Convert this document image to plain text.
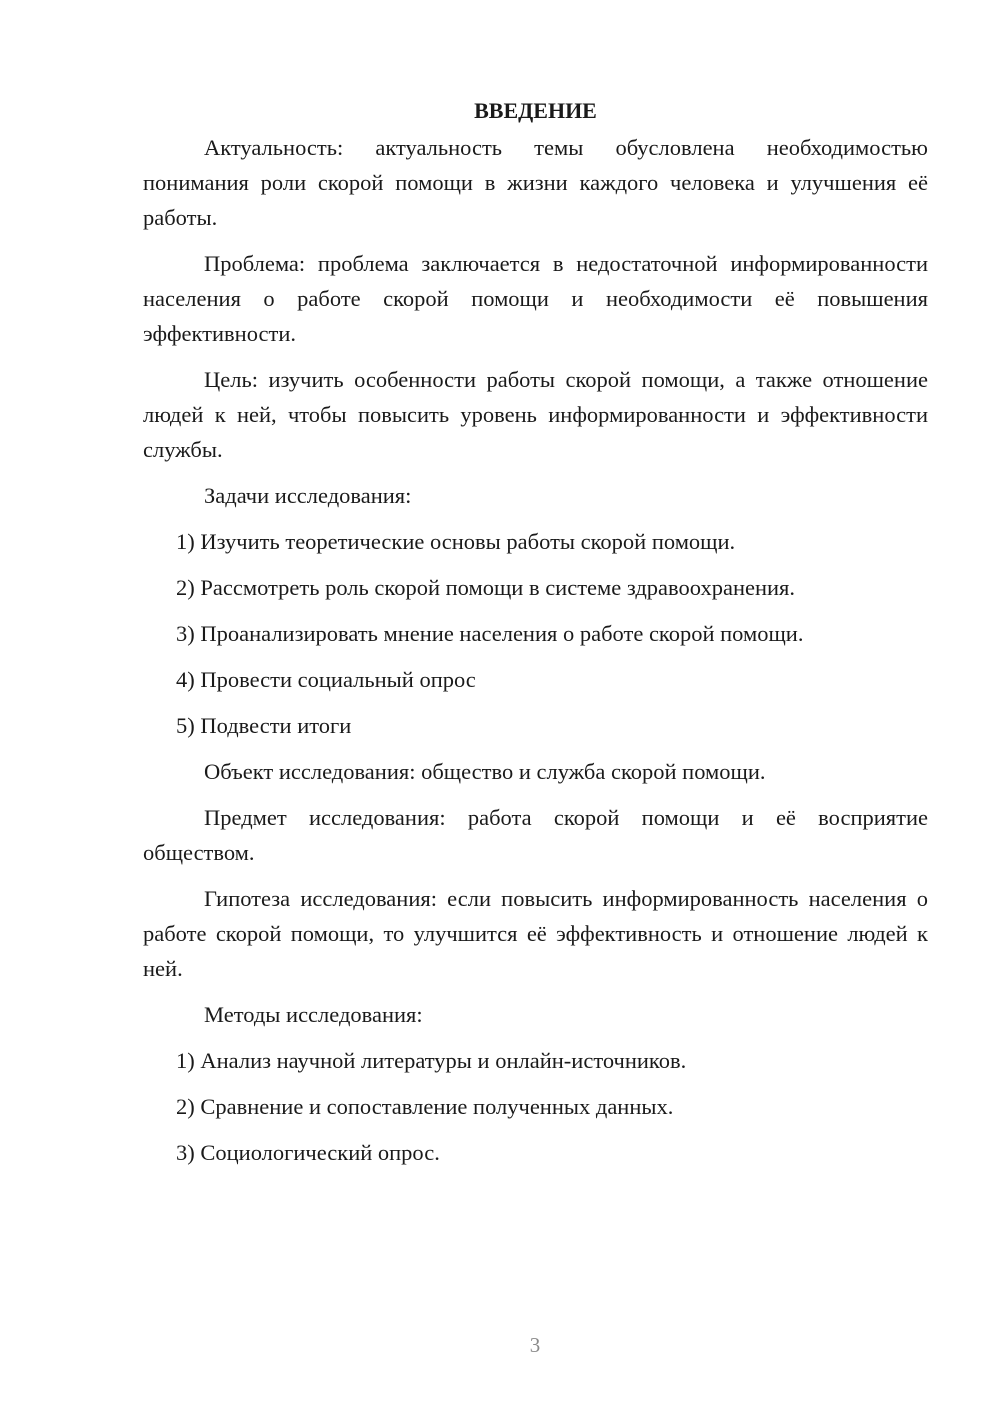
ВВЕДЕНИЕ

Актуальность: актуальность темы обусловлена необходимостью понимания роли скорой помощи в жизни каждого человека и улучшения её работы.

Проблема: проблема заключается в недостаточной информированности населения о работе скорой помощи и необходимости её повышения эффективности.

Цель: изучить особенности работы скорой помощи, а также отношение людей к ней, чтобы повысить уровень информированности и эффективности службы.

Задачи исследования:

1) Изучить теоретические основы работы скорой помощи.
2) Рассмотреть роль скорой помощи в системе здравоохранения.
3) Проанализировать мнение населения о работе скорой помощи.
4) Провести социальный опрос
5) Подвести итоги

Объект исследования: общество и служба скорой помощи.

Предмет исследования: работа скорой помощи и её восприятие обществом.

Гипотеза исследования: если повысить информированность населения о работе скорой помощи, то улучшится её эффективность и отношение людей к ней.

Методы исследования:

1) Анализ научной литературы и онлайн-источников.
2) Сравнение и сопоставление полученных данных.
3) Социологический опрос.
3
